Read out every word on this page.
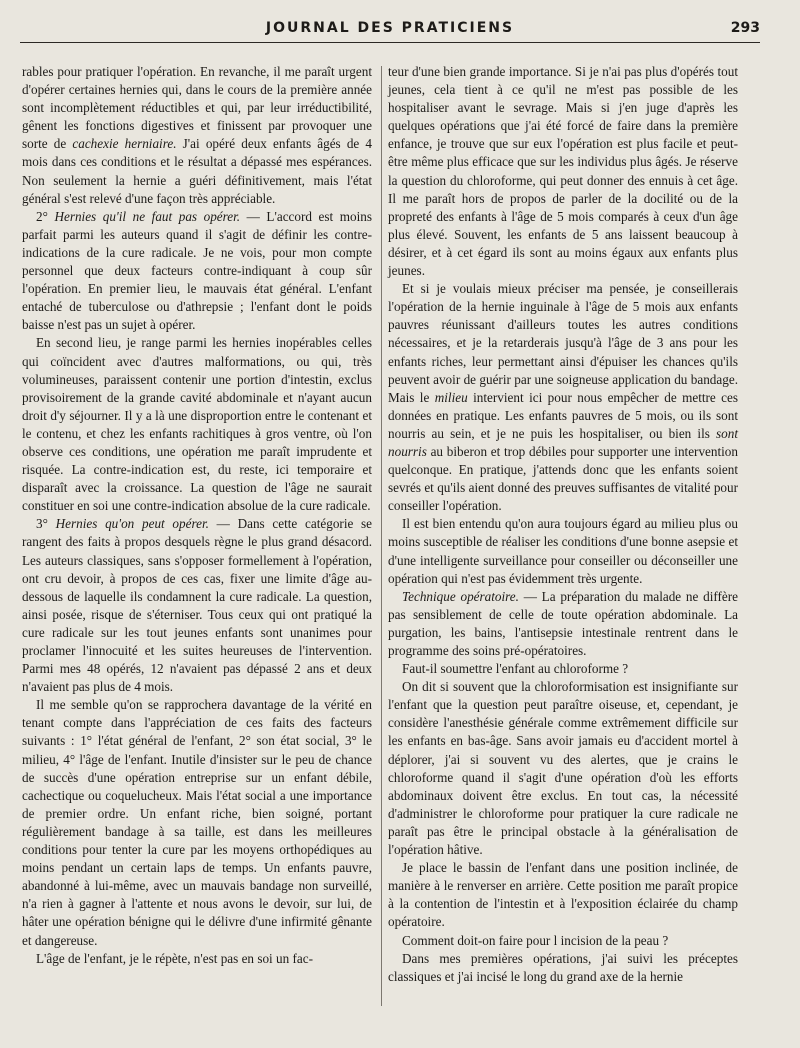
JOURNAL DES PRATICIENS	293

rables pour pratiquer l'opération. En revanche, il me paraît urgent d'opérer certaines hernies qui, dans le cours de la première année sont incomplètement réductibles et qui, par leur irréductibilité, gênent les fonctions digestives et finissent par provoquer une sorte de cachexie herniaire. J'ai opéré deux enfants âgés de 4 mois dans ces conditions et le résultat a dépassé mes espérances. Non seulement la hernie a guéri définitivement, mais l'état général s'est relevé d'une façon très appréciable.

2° Hernies qu'il ne faut pas opérer. — L'accord est moins parfait parmi les auteurs quand il s'agit de définir les contre-indications de la cure radicale. Je ne vois, pour mon compte personnel que deux facteurs contre-indiquant à coup sûr l'opération. En premier lieu, le mauvais état général. L'enfant entaché de tuberculose ou d'athrepsie ; l'enfant dont le poids baisse n'est pas un sujet à opérer.

En second lieu, je range parmi les hernies inopérables celles qui coïncident avec d'autres malformations, ou qui, très volumineuses, paraissent contenir une portion d'intestin, exclus provisoirement de la grande cavité abdominale et n'ayant aucun droit d'y séjourner. Il y a là une disproportion entre le contenant et le contenu, et chez les enfants rachitiques à gros ventre, où l'on observe ces conditions, une opération me paraît imprudente et risquée. La contre-indication est, du reste, ici temporaire et disparaît avec la croissance. La question de l'âge ne saurait constituer en soi une contre-indication absolue de la cure radicale.

3° Hernies qu'on peut opérer. — Dans cette catégorie se rangent des faits à propos desquels règne le plus grand désacord. Les auteurs classiques, sans s'opposer formellement à l'opération, ont cru devoir, à propos de ces cas, fixer une limite d'âge au-dessous de laquelle ils condamnent la cure radicale. La question, ainsi posée, risque de s'éterniser. Tous ceux qui ont pratiqué la cure radicale sur les tout jeunes enfants sont unanimes pour proclamer l'innocuité et les suites heureuses de l'intervention. Parmi mes 48 opérés, 12 n'avaient pas dépassé 2 ans et deux n'avaient pas plus de 4 mois.

Il me semble qu'on se rapprochera davantage de la vérité en tenant compte dans l'appréciation de ces faits des facteurs suivants : 1° l'état général de l'enfant, 2° son état social, 3° le milieu, 4° l'âge de l'enfant. Inutile d'insister sur le peu de chance de succès d'une opération entreprise sur un enfant débile, cachectique ou coqueluchеux. Mais l'état social a une importance de premier ordre. Un enfant riche, bien soigné, portant régulièrement bandage à sa taille, est dans les meilleures conditions pour tenter la cure par les moyens orthopédiques au moins pendant un certain laps de temps. Un enfants pauvre, abandonné à lui-même, avec un mauvais bandage non surveillé, n'a rien à gagner à l'attente et nous avons le devoir, sur lui, de hâter une opération bénigne qui le délivre d'une infirmité gênante et dangereuse.

L'âge de l'enfant, je le répète, n'est pas en soi un fac-

teur d'une bien grande importance. Si je n'ai pas plus d'opérés tout jeunes, cela tient à ce qu'il ne m'est pas possible de les hospitaliser avant le sevrage. Mais si j'en juge d'après les quelques opérations que j'ai été forcé de faire dans la première enfance, je trouve que sur eux l'opération est plus facile et peut-être même plus efficace que sur les individus plus âgés. Je réserve la question du chloroforme, qui peut donner des ennuis à cet âge. Il me paraît hors de propos de parler de la docilité ou de la propreté des enfants à l'âge de 5 mois comparés à ceux d'un âge plus élevé. Souvent, les enfants de 5 ans laissent beaucoup à désirer, et à cet égard ils sont au moins égaux aux enfants plus jeunes.

Et si je voulais mieux préciser ma pensée, je conseillerais l'opération de la hernie inguinale à l'âge de 5 mois aux enfants pauvres réunissant d'ailleurs toutes les autres conditions nécessaires, et je la retarderais jusqu'à l'âge de 3 ans pour les enfants riches, leur permettant ainsi d'épuiser les chances qu'ils peuvent avoir de guérir par une soigneuse application du bandage. Mais le milieu intervient ici pour nous empêcher de mettre ces données en pratique. Les enfants pauvres de 5 mois, ou ils sont nourris au sein, et je ne puis les hospitaliser, ou bien ils sont nourris au biberon et trop débiles pour supporter une intervention quelconque. En pratique, j'attends donc que les enfants soient sevrés et qu'ils aient donné des preuves suffisantes de vitalité pour conseiller l'opération.

Il est bien entendu qu'on aura toujours égard au milieu plus ou moins susceptible de réaliser les conditions d'une bonne asepsie et d'une intelligente surveillance pour conseiller ou déconseiller une opération qui n'est pas évidemment très urgente.

Technique opératoire. — La préparation du malade ne diffère pas sensiblement de celle de toute opération abdominale. La purgation, les bains, l'antisepsie intestinale rentrent dans le programme des soins pré-opératoires.

Faut-il soumettre l'enfant au chloroforme ?

On dit si souvent que la chloroformisation est insignifiante sur l'enfant que la question peut paraître oiseuse, et, cependant, je considère l'anesthésie générale comme extrêmement difficile sur les enfants en bas-âge. Sans avoir jamais eu d'accident mortel à déplorer, j'ai si souvent vu des alertes, que je crains le chloroforme quand il s'agit d'une opération d'où les efforts abdominaux doivent être exclus. En tout cas, la nécessité d'administrer le chloroforme pour pratiquer la cure radicale ne paraît pas être le principal obstacle à la généralisation de l'opération hâtive.

Je place le bassin de l'enfant dans une position inclinée, de manière à le renverser en arrière. Cette position me paraît propice à la contention de l'intestin et à l'exposition éclairée du champ opératoire.

Comment doit-on faire pour l incision de la peau ?

Dans mes premières opérations, j'ai suivi les préceptes classiques et j'ai incisé le long du grand axe de la hernie
